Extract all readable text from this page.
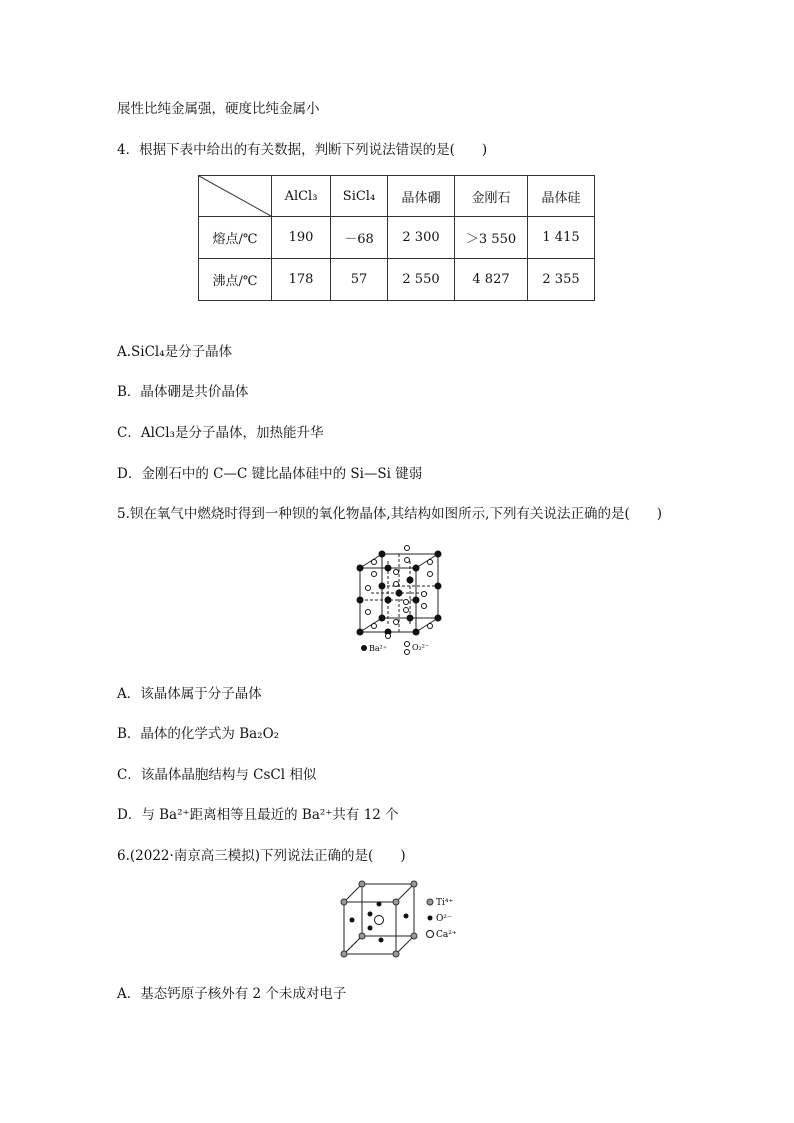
展性比纯金属强，硬度比纯金属小
4．根据下表中给出的有关数据，判断下列说法错误的是(　　)
	AlCl₃	SiCl₄	晶体硼	金刚石	晶体硅
熔点/℃	190	－68	2 300	＞3 550	1 415
沸点/℃	178	57	2 550	4 827	2 355
A.SiCl₄是分子晶体
B．晶体硼是共价晶体
C．AlCl₃是分子晶体，加热能升华
D．金刚石中的 C—C 键比晶体硅中的 Si—Si 键弱
5.钡在氧气中燃烧时得到一种钡的氧化物晶体,其结构如图所示,下列有关说法正确的是(　　)
Ba²⁺	O₂²⁻
A．该晶体属于分子晶体
B．晶体的化学式为 Ba₂O₂
C．该晶体晶胞结构与 CsCl 相似
D．与 Ba²⁺距离相等且最近的 Ba²⁺共有 12 个
6.(2022·南京高三模拟)下列说法正确的是(　　)
Ti⁴⁺
O²⁻
Ca²⁺
A．基态钙原子核外有 2 个未成对电子
